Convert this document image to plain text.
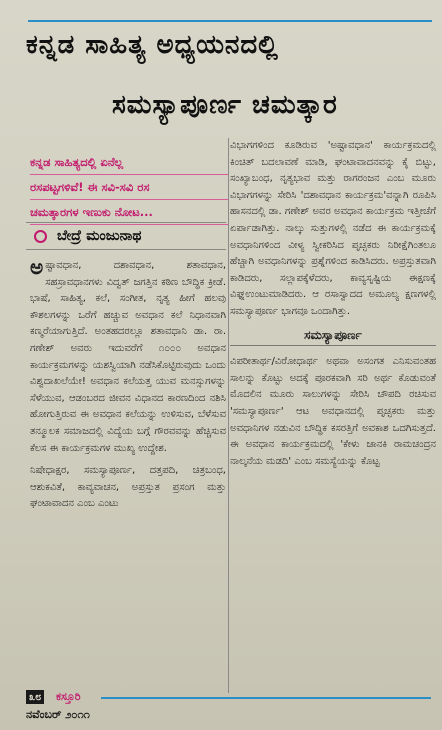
ಕನ್ನಡ ಸಾಹಿತ್ಯ ಅಧ್ಯಯನದಲ್ಲಿ
ಸಮಸ್ಯಾಪೂರ್ಣ ಚಮತ್ಕಾರ
ಕನ್ನಡ ಸಾಹಿತ್ಯದಲ್ಲಿ ಏನೆಲ್ಲ
ರಸಪಟ್ಟಗಳಿವೆ! ಈ ಸವಿ-ಸವಿ ರಸ
ಚಮತ್ಕಾರಗಳ ಇಣುಕು ನೋಟ...
ಬೇದ್ರೆ ಮಂಜುನಾಥ

ಅಷ್ಟಾವಧಾನ, ದಶಾವಧಾನ, ಶತಾವಧಾನ, ಸಹಸ್ರಾವಧಾನಗಳು ವಿದ್ವತ್ ಜಗತ್ತಿನ ಕಠಿಣ ಬೌದ್ಧಿಕ ಕ್ರೀಡೆ. ಭಾಷೆ, ಸಾಹಿತ್ಯ, ಕಲೆ, ಸಂಗೀತ, ನೃತ್ಯ ಹೀಗೆ ಹಲವು ಕೌಶಲಗಳನ್ನು ಒರೆಗೆ ಹಚ್ಚುವ ಅವಧಾನ ಕಲೆ ನಿಧಾನವಾಗಿ ಕಣ್ಮರೆಯಾಗುತ್ತಿದೆ. ಅಂತಹದರಲ್ಲೂ ಶತಾವಧಾನಿ ಡಾ. ರಾ. ಗಣೇಶ್ ಅವರು ಇದುವರೆಗೆ ೧೦೦೦ ಅವಧಾನ ಕಾರ್ಯಕ್ರಮಗಳನ್ನು ಯಶಸ್ವಿಯಾಗಿ ನಡೆಸಿಕೊಟ್ಟಿರುವುದು ಒಂದು ವಿಶ್ವದಾಖಲೆಯೇ! ಅವಧಾನ ಕಲೆಯತ್ತ ಯುವ ಮನಸ್ಸುಗಳನ್ನು ಸೆಳೆಯುವ, ಆಡಂಬರದ ಜೀವನ ವಿಧಾನದ ಕಾರಣದಿಂದ ನಶಿಸಿ ಹೋಗುತ್ತಿರುವ ಈ ಅವಧಾನ ಕಲೆಯನ್ನು ಉಳಿಸುವ, ಬೆಳೆಸುವ ತನ್ಮೂಲಕ ಸಮಾಜದಲ್ಲಿ ವಿದ್ಯೆಯ ಬಗ್ಗೆ ಗೌರವವನ್ನು ಹೆಚ್ಚಿಸುವ ಕೆಲಸ ಈ ಕಾರ್ಯಕ್ರಮಗಳ ಮುಖ್ಯ ಉದ್ದೇಶ.

ನಿಷೇಧಾಕ್ಷರ, ಸಮಸ್ಯಾಪೂರ್ಣ, ದತ್ತಪದಿ, ಚಿತ್ರಬಂಧ, ಆಶುಕವಿತೆ, ಕಾವ್ಯವಾಚನ, ಅಪ್ರಸ್ತುತ ಪ್ರಸಂಗ ಮತ್ತು ಘಂಟಾವಾದನ ಎಂಬ ಎಂಟು

ವಿಭಾಗಗಳಿಂದ ಕೂಡಿರುವ 'ಅಷ್ಟಾವಧಾನ' ಕಾರ್ಯಕ್ರಮದಲ್ಲಿ ಕಿಂಚಿತ್ ಬದಲಾವಣೆ ಮಾಡಿ, ಘಂಟಾವಾದನವನ್ನು ಕೈ ಬಿಟ್ಟು, ಸಂಖ್ಯಾಬಂಧ, ನೃತ್ಯಭಾವ ಮತ್ತು ರಾಗರಂಜನ ಎಂಬ ಮೂರು ವಿಭಾಗಗಳನ್ನು ಸೇರಿಸಿ 'ದಶಾವಧಾನ ಕಾರ್ಯಕ್ರಮ'ವನ್ನಾಗಿ ರೂಪಿಸಿ ಹಾಸನದಲ್ಲಿ ಡಾ. ಗಣೇಶ್ ಅವರ ಅವಧಾನ ಕಾರ್ಯಕ್ರಮ ಇತ್ತೀಚೆಗೆ ಏರ್ಪಾಡಾಗಿತ್ತು. ನಾಲ್ಕು ಸುತ್ತುಗಳಲ್ಲಿ ನಡೆದ ಈ ಕಾರ್ಯಕ್ರಮಕ್ಕೆ ಅವಧಾನಿಗಳಿಂದ ವೀಳ್ಯ ಸ್ವೀಕರಿಸಿದ ಪೃಚ್ಛಕರು ನಿರೀಕ್ಷೆಗಿಂತಲೂ ಹೆಚ್ಚಾಗಿ ಅವಧಾನಿಗಳನ್ನು ಪ್ರಶ್ನೆಗಳಿಂದ ಕಾಡಿಸಿದರು. ಅಪ್ರಸ್ತುತವಾಗಿ ಕಾಡಿದರು, ಸಲ್ಲಾಪಕ್ಕೆಳೆದರು, ಕಾವ್ಯಸೃಷ್ಟಿಯ ಈಕ್ಷಣಕ್ಕೆ ವಿಘ್ನಉಂಟುಮಾಡಿದರು. ಆ ರಸಾಸ್ವಾದದ ಅಮೂಲ್ಯ ಕ್ಷಣಗಳಲ್ಲಿ ಸಮಸ್ಯಾಪೂರ್ಣ ಭಾಗವೂ ಒಂದಾಗಿತ್ತು.

ಸಮಸ್ಯಾಪೂರ್ಣ

ವಿಪರೀತಾರ್ಥ/ವಿರೋಧಾರ್ಥ ಅಥವಾ ಅಸಂಗತ ಎನಿಸುವಂತಹ ಸಾಲನ್ನು ಕೊಟ್ಟು ಅದಕ್ಕೆ ಪೂರಕವಾಗಿ ಸರಿ ಅರ್ಥ ಕೊಡುವಂತೆ ಮೊದಲಿನ ಮೂರು ಸಾಲುಗಳನ್ನು ಸೇರಿಸಿ ಚೌಪದಿ ರಚಿಸುವ 'ಸಮಸ್ಯಾಪೂರ್ಣ' ಆಟ ಅವಧಾನದಲ್ಲಿ ಪೃಚ್ಛಕರು ಮತ್ತು ಅವಧಾನಿಗಳ ನಡುವಿನ ಬೌದ್ಧಿಕ ಕಸರತ್ತಿಗೆ ಅವಕಾಶ ಒದಗಿಸುತ್ತದೆ. ಈ ಅವಧಾನ ಕಾರ್ಯಕ್ರಮದಲ್ಲಿ 'ಕೇಳು ಜಾನಕಿ ರಾಮಚಂದ್ರನ ನಾಲ್ಕನೆಯ ಮಡದಿ' ಎಂಬ ಸಮಸ್ಯೆಯನ್ನು ಕೊಟ್ಟ

೩೮ ಕಸ್ತೂರಿ
ನವೆಂಬರ್ ೨೦೧೧
